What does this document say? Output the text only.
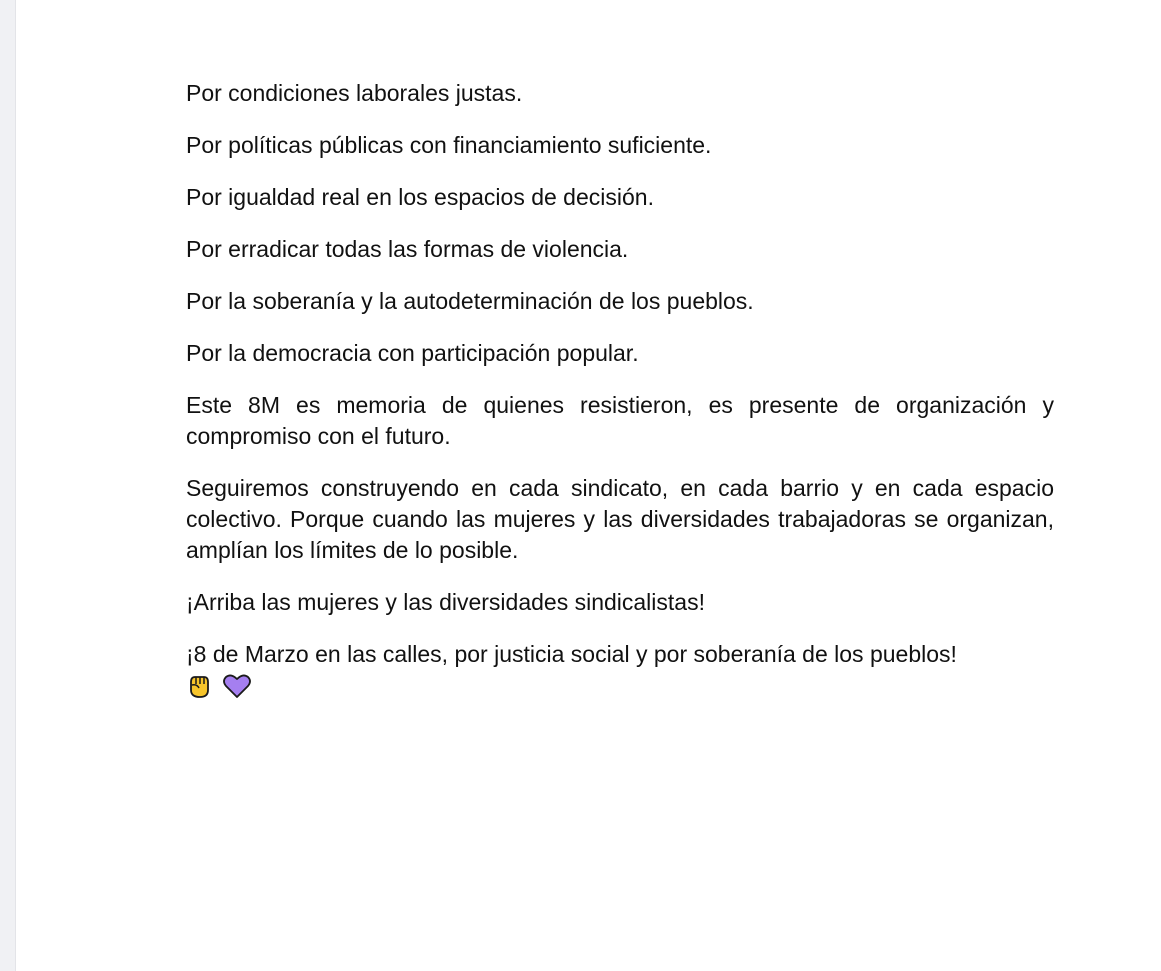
Por condiciones laborales justas.

Por políticas públicas con financiamiento suficiente.

Por igualdad real en los espacios de decisión.

Por erradicar todas las formas de violencia.

Por la soberanía y la autodeterminación de los pueblos.

Por la democracia con participación popular.

Este 8M es memoria de quienes resistieron, es presente de organización y compromiso con el futuro.

Seguiremos construyendo en cada sindicato, en cada barrio y en cada espacio colectivo. Porque cuando las mujeres y las diversidades trabajadoras se organizan, amplían los límites de lo posible.

¡Arriba las mujeres y las diversidades sindicalistas!

¡8 de Marzo en las calles, por justicia social y por soberanía de los pueblos!
